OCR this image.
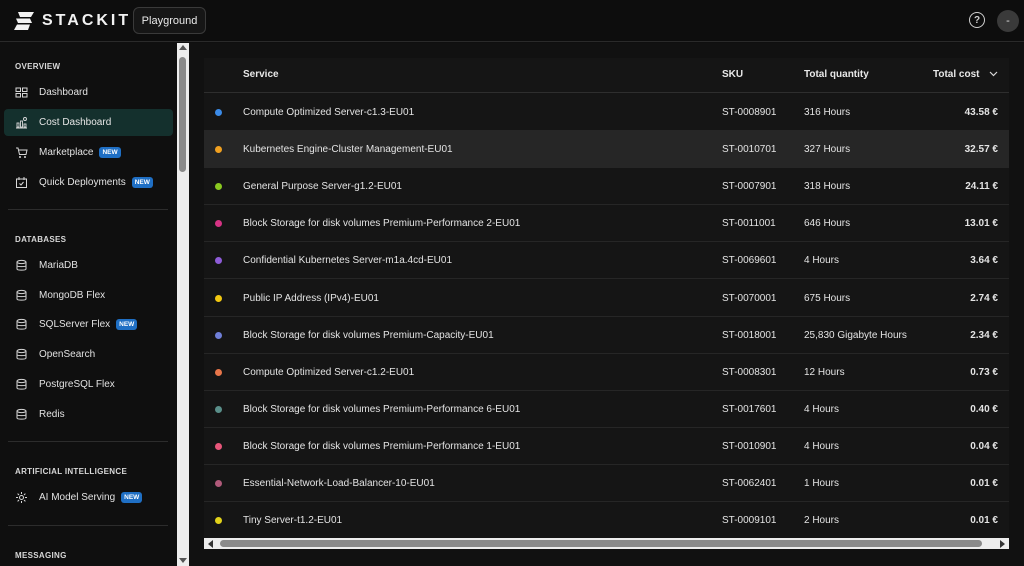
STACKIT Playground	?	-
OVERVIEW
Dashboard
Cost Dashboard
Marketplace	NEW
Quick Deployments	NEW
DATABASES
MariaDB
MongoDB Flex
SQLServer Flex	NEW
OpenSearch
PostgreSQL Flex
Redis
ARTIFICIAL INTELLIGENCE
AI Model Serving	NEW
MESSAGING
Service	SKU	Total quantity	Total cost
Compute Optimized Server-c1.3-EU01	ST-0008901	316 Hours	43.58 €
Kubernetes Engine-Cluster Management-EU01	ST-0010701	327 Hours	32.57 €
General Purpose Server-g1.2-EU01	ST-0007901	318 Hours	24.11 €
Block Storage for disk volumes Premium-Performance 2-EU01	ST-0011001	646 Hours	13.01 €
Confidential Kubernetes Server-m1a.4cd-EU01	ST-0069601	4 Hours	3.64 €
Public IP Address (IPv4)-EU01	ST-0070001	675 Hours	2.74 €
Block Storage for disk volumes Premium-Capacity-EU01	ST-0018001	25,830 Gigabyte Hours	2.34 €
Compute Optimized Server-c1.2-EU01	ST-0008301	12 Hours	0.73 €
Block Storage for disk volumes Premium-Performance 6-EU01	ST-0017601	4 Hours	0.40 €
Block Storage for disk volumes Premium-Performance 1-EU01	ST-0010901	4 Hours	0.04 €
Essential-Network-Load-Balancer-10-EU01	ST-0062401	1 Hours	0.01 €
Tiny Server-t1.2-EU01	ST-0009101	2 Hours	0.01 €
